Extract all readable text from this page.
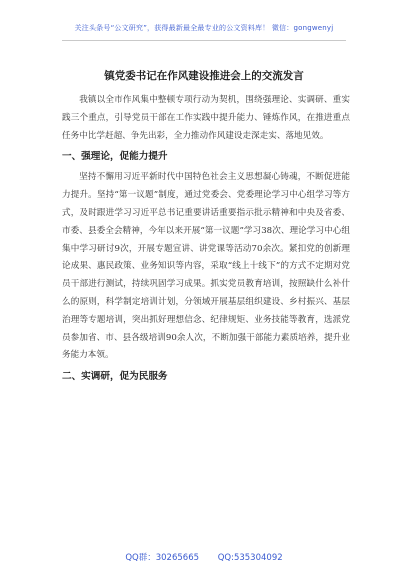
关注头条号“公文研究”，获得最新最全最专业的公文资料库！ 微信：gongwenyj
镇党委书记在作风建设推进会上的交流发言

我镇以全市作风集中整顿专项行动为契机，围绕强理论、实调研、重实践三个重点，引导党员干部在工作实践中提升能力、锤炼作风，在推进重点任务中比学赶超、争先出彩，全力推动作风建设走深走实、落地见效。

一、强理论，促能力提升

坚持不懈用习近平新时代中国特色社会主义思想凝心铸魂，不断促进能力提升。坚持“第一议题”制度，通过党委会、党委理论学习中心组学习等方式，及时跟进学习习近平总书记重要讲话重要指示批示精神和中央及省委、市委、县委全会精神，今年以来开展“第一议题”学习38次、理论学习中心组集中学习研讨9次，开展专题宣讲、讲党课等活动70余次。紧扣党的创新理论成果、惠民政策、业务知识等内容，采取“线上十线下”的方式不定期对党员干部进行测试，持续巩固学习成果。抓实党员教育培训，按照缺什么补什么的原则，科学制定培训计划，分领域开展基层组织建设、乡村振兴、基层治理等专题培训，突出抓好理想信念、纪律规矩、业务技能等教育，选派党员参加省、市、县各级培训90余人次，不断加强干部能力素质培养，提升业务能力本领。

二、实调研，促为民服务
QQ群：30265665 QQ:535304092
